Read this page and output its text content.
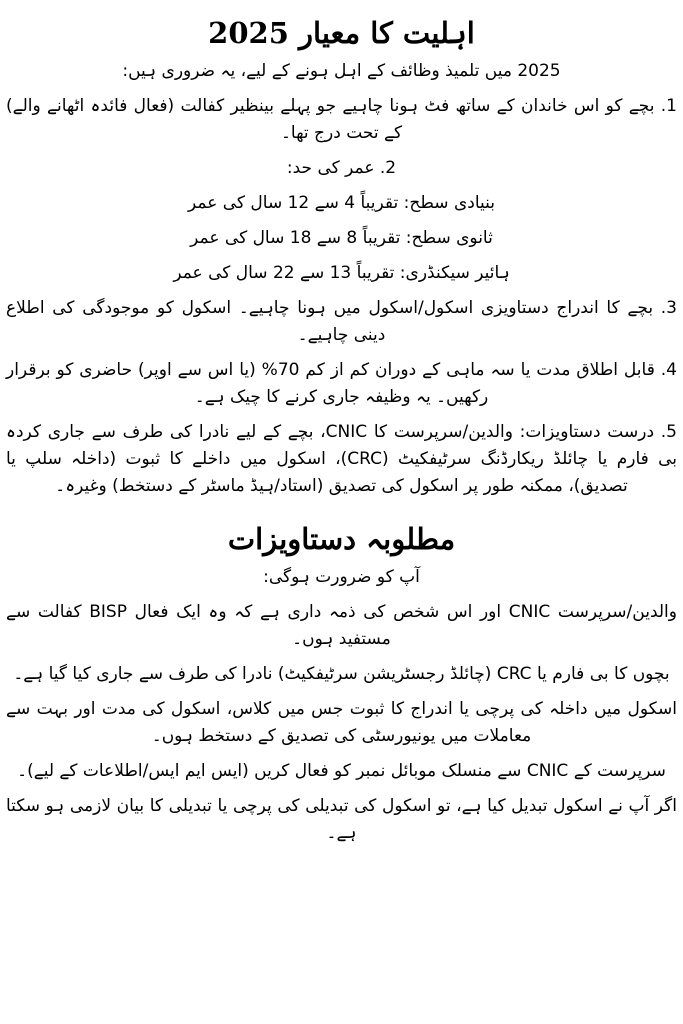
اہلیت کا معیار 2025

2025 میں تلمیذ وظائف کے اہل ہونے کے لیے، یہ ضروری ہیں:

1. بچے کو اس خاندان کے ساتھ فٹ ہونا چاہیے جو پہلے بینظیر کفالت (فعال فائدہ اٹھانے والے) کے تحت درج تھا۔

2. عمر کی حد:

بنیادی سطح: تقریباً 4 سے 12 سال کی عمر

ثانوی سطح: تقریباً 8 سے 18 سال کی عمر

ہائیر سیکنڈری: تقریباً 13 سے 22 سال کی عمر

3. بچے کا اندراج دستاویزی اسکول/اسکول میں ہونا چاہیے۔ اسکول کو موجودگی کی اطلاع دینی چاہیے۔

4. قابل اطلاق مدت یا سہ ماہی کے دوران کم از کم 70% (یا اس سے اوپر) حاضری کو برقرار رکھیں۔ یہ وظیفہ جاری کرنے کا چیک ہے۔

5. درست دستاویزات: والدین/سرپرست کا CNIC، بچے کے لیے نادرا کی طرف سے جاری کردہ بی فارم یا چائلڈ ریکارڈنگ سرٹیفکیٹ (CRC)، اسکول میں داخلے کا ثبوت (داخلہ سلپ یا تصدیق)، ممکنہ طور پر اسکول کی تصدیق (استاد/ہیڈ ماسٹر کے دستخط) وغیرہ۔

مطلوبہ دستاویزات

آپ کو ضرورت ہوگی:

والدین/سرپرست CNIC اور اس شخص کی ذمہ داری ہے کہ وہ ایک فعال BISP کفالت سے مستفید ہوں۔

بچوں کا بی فارم یا CRC (چائلڈ رجسٹریشن سرٹیفکیٹ) نادرا کی طرف سے جاری کیا گیا ہے۔

اسکول میں داخلہ کی پرچی یا اندراج کا ثبوت جس میں کلاس، اسکول کی مدت اور بہت سے معاملات میں یونیورسٹی کی تصدیق کے دستخط ہوں۔

سرپرست کے CNIC سے منسلک موبائل نمبر کو فعال کریں (ایس ایم ایس/اطلاعات کے لیے)۔

اگر آپ نے اسکول تبدیل کیا ہے، تو اسکول کی تبدیلی کی پرچی یا تبدیلی کا بیان لازمی ہو سکتا ہے۔
